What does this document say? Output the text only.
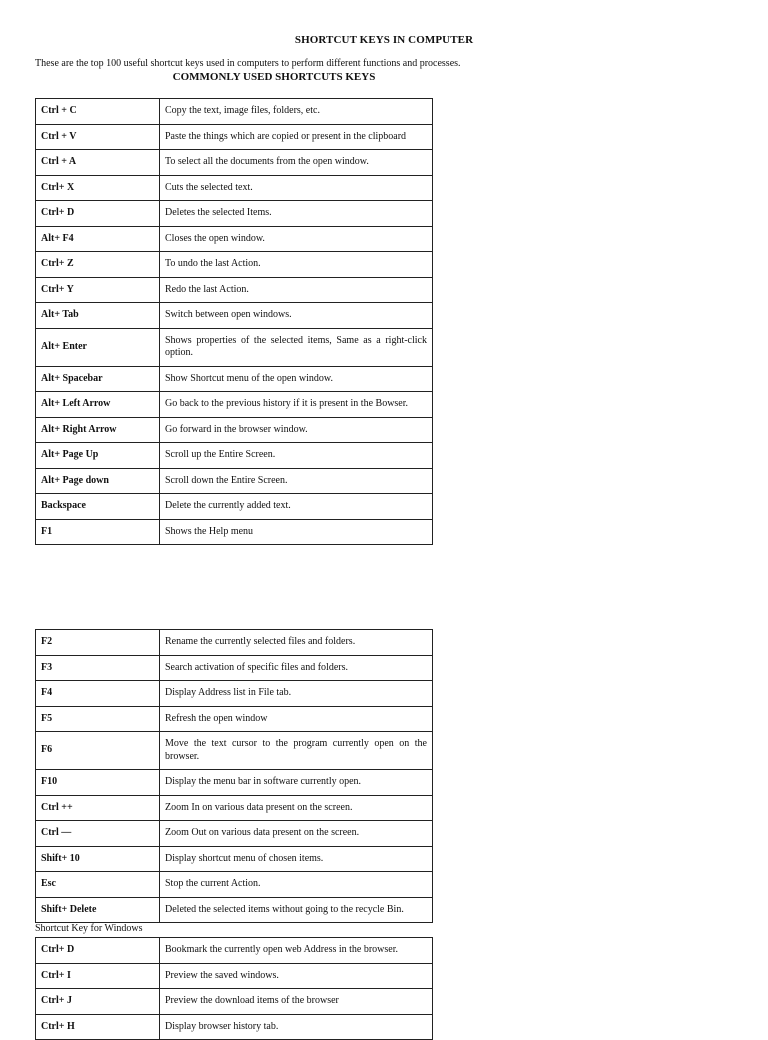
SHORTCUT KEYS IN COMPUTER
These are the top 100 useful shortcut keys used in computers to perform different functions and processes.
COMMONLY USED SHORTCUTS KEYS
Ctrl + C	Copy the text, image files, folders, etc.
Ctrl + V	Paste the things which are copied or present in the clipboard
Ctrl + A	To select all the documents from the open window.
Ctrl+ X	Cuts the selected text.
Ctrl+ D	Deletes the selected Items.
Alt+ F4	Closes the open window.
Ctrl+ Z	To undo the last Action.
Ctrl+ Y	Redo the last Action.
Alt+ Tab	Switch between open windows.
Alt+ Enter	Shows properties of the selected items, Same as a right-click option.
Alt+ Spacebar	Show Shortcut menu of the open window.
Alt+ Left Arrow	Go back to the previous history if it is present in the Bowser.
Alt+ Right Arrow	Go forward in the browser window.
Alt+ Page Up	Scroll up the Entire Screen.
Alt+ Page down	Scroll down the Entire Screen.
Backspace	Delete the currently added text.
F1	Shows the Help menu
F2	Rename the currently selected files and folders.
F3	Search activation of specific files and folders.
F4	Display Address list in File tab.
F5	Refresh the open window
F6	Move the text cursor to the program currently open on the browser.
F10	Display the menu bar in software currently open.
Ctrl ++	Zoom In on various data present on the screen.
Ctrl —	Zoom Out on various data present on the screen.
Shift+ 10	Display shortcut menu of chosen items.
Esc	Stop the current Action.
Shift+ Delete	Deleted the selected items without going to the recycle Bin.
Shortcut Key for Windows
Ctrl+ D	Bookmark the currently open web Address in the browser.
Ctrl+ I	Preview the saved windows.
Ctrl+ J	Preview the download items of the browser
Ctrl+ H	Display browser history tab.
